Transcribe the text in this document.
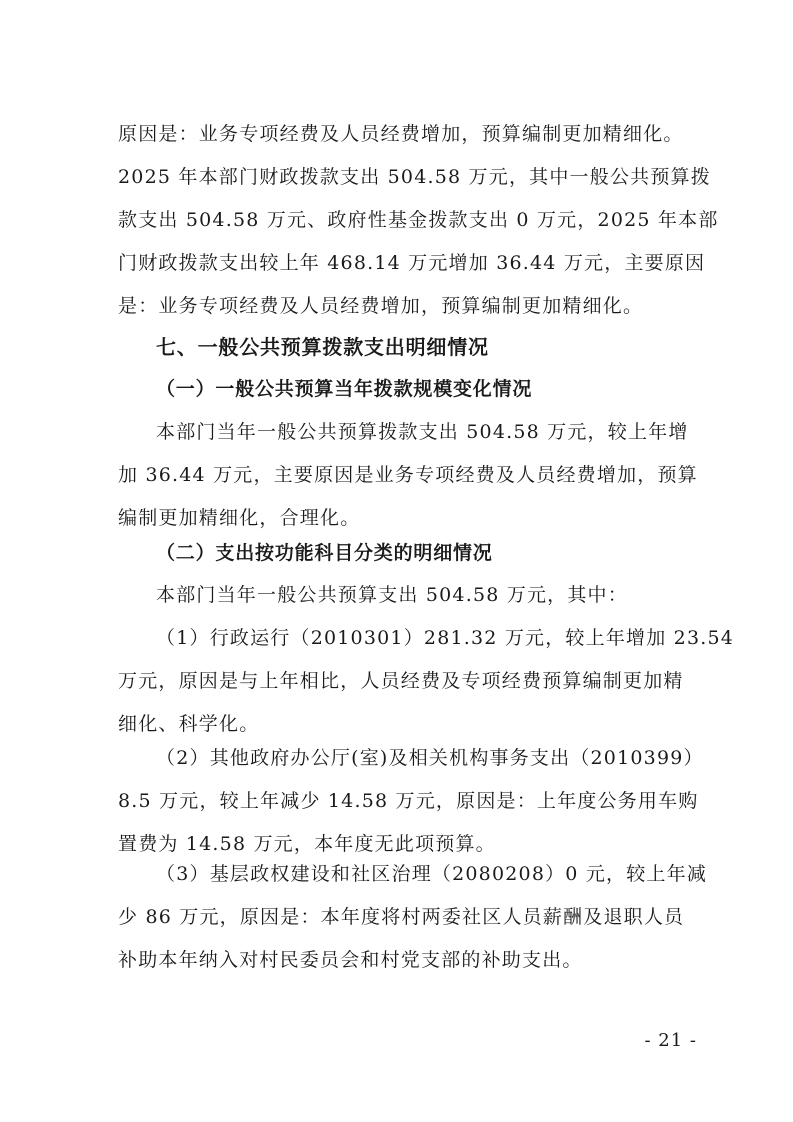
原因是：业务专项经费及人员经费增加，预算编制更加精细化。
2025 年本部门财政拨款支出 504.58 万元，其中一般公共预算拨
款支出 504.58 万元、政府性基金拨款支出 0 万元，2025 年本部
门财政拨款支出较上年 468.14 万元增加 36.44 万元，主要原因
是：业务专项经费及人员经费增加，预算编制更加精细化。

七、一般公共预算拨款支出明细情况
（一）一般公共预算当年拨款规模变化情况

本部门当年一般公共预算拨款支出 504.58 万元，较上年增
加 36.44 万元，主要原因是业务专项经费及人员经费增加，预算
编制更加精细化，合理化。

（二）支出按功能科目分类的明细情况

本部门当年一般公共预算支出 504.58 万元，其中：

（1）行政运行（2010301）281.32 万元，较上年增加 23.54
万元，原因是与上年相比，人员经费及专项经费预算编制更加精
细化、科学化。

（2）其他政府办公厅(室)及相关机构事务支出（2010399）
8.5 万元，较上年减少 14.58 万元，原因是：上年度公务用车购
置费为 14.58 万元，本年度无此项预算。

（3）基层政权建设和社区治理（2080208）0 元，较上年减
少 86 万元，原因是：本年度将村两委社区人员薪酬及退职人员
补助本年纳入对村民委员会和村党支部的补助支出。

- 21 -
